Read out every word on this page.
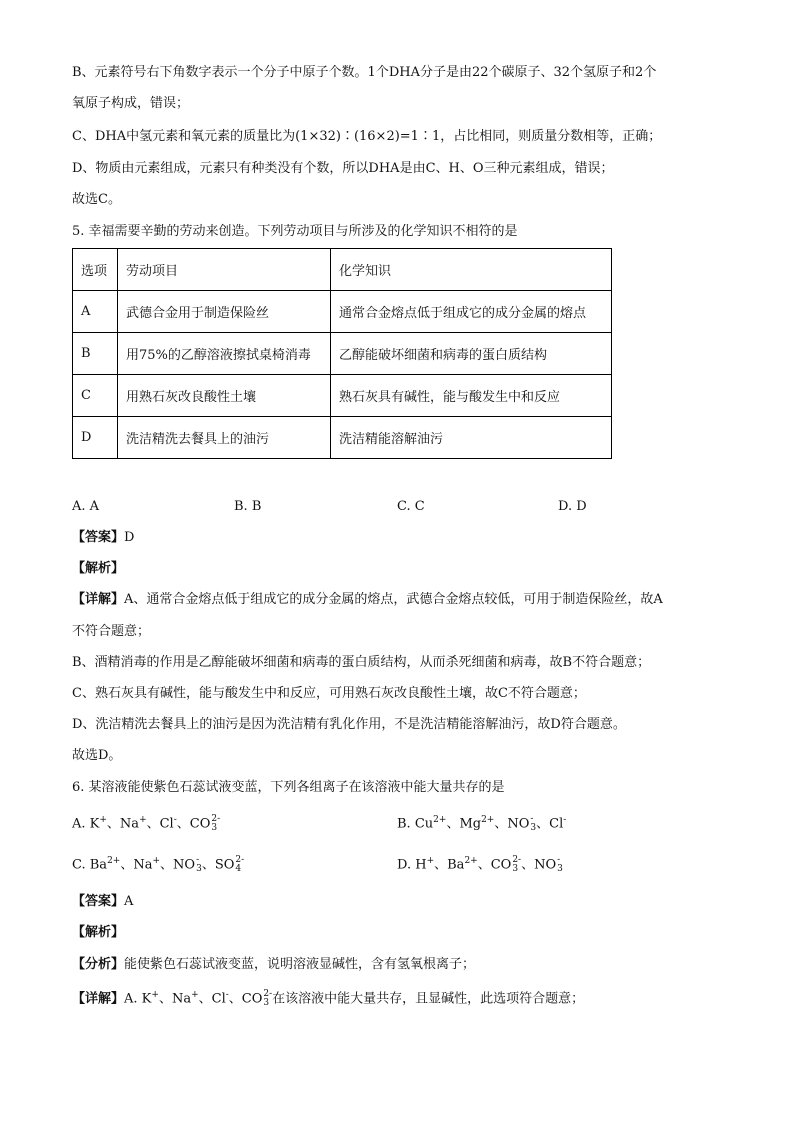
B、元素符号右下角数字表示一个分子中原子个数。1个DHA分子是由22个碳原子、32个氢原子和2个
氧原子构成，错误；
C、DHA中氢元素和氧元素的质量比为(1×32)∶(16×2)=1∶1，占比相同，则质量分数相等，正确；
D、物质由元素组成，元素只有种类没有个数，所以DHA是由C、H、O三种元素组成，错误；
故选C。
5. 幸福需要辛勤的劳动来创造。下列劳动项目与所涉及的化学知识不相符的是
选项	劳动项目	化学知识
A	武德合金用于制造保险丝	通常合金熔点低于组成它的成分金属的熔点
B	用75%的乙醇溶液擦拭桌椅消毒	乙醇能破坏细菌和病毒的蛋白质结构
C	用熟石灰改良酸性土壤	熟石灰具有碱性，能与酸发生中和反应
D	洗洁精洗去餐具上的油污	洗洁精能溶解油污
A. A	B. B	C. C	D. D
【答案】D
【解析】
【详解】A、通常合金熔点低于组成它的成分金属的熔点，武德合金熔点较低，可用于制造保险丝，故A
不符合题意；
B、酒精消毒的作用是乙醇能破坏细菌和病毒的蛋白质结构，从而杀死细菌和病毒，故B不符合题意；
C、熟石灰具有碱性，能与酸发生中和反应，可用熟石灰改良酸性土壤，故C不符合题意；
D、洗洁精洗去餐具上的油污是因为洗洁精有乳化作用，不是洗洁精能溶解油污，故D符合题意。
故选D。
6. 某溶液能使紫色石蕊试液变蓝，下列各组离子在该溶液中能大量共存的是
A. K+、Na+、Cl-、CO 2-
3	B. $Cu^{2+}$、$Mg^{2+}$、NO -
3 、Cl-
C. $Ba^{2+}$、Na+、NO -
3 、SO 2-
4	D. H+、$Ba^{2+}$、CO 2-
3 、NO -
3
【答案】A
【解析】
【分析】能使紫色石蕊试液变蓝，说明溶液显碱性，含有氢氧根离子；
【详解】A. K+、Na+、Cl-、CO 2-
3 在该溶液中能大量共存，且显碱性，此选项符合题意；
